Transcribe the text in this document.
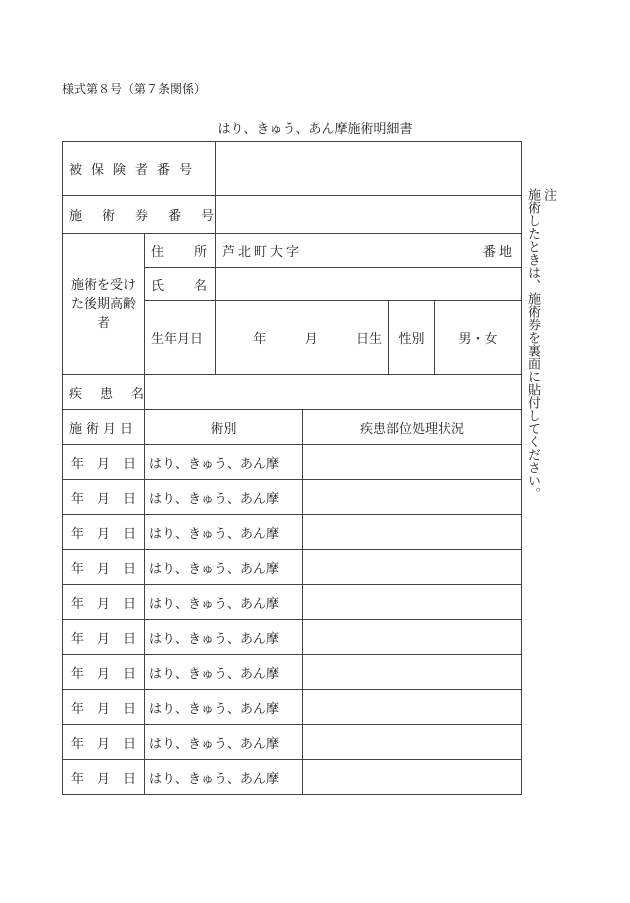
様式第８号（第７条関係）
はり、きゅう、あん摩施術明細書
被保険者番号					
施術券番号					
施術を受けた後期高齢者	住所	芦北町大字 番地			

	氏名				
	生年月日	年 月 日生		性別	男・女
疾患名					
施術月日	術別		疾患部位処理状況		

年 月 日	はり、きゅう、あん摩				

年 月 日	はり、きゅう、あん摩				

年 月 日	はり、きゅう、あん摩				

年 月 日	はり、きゅう、あん摩				

年 月 日	はり、きゅう、あん摩				

年 月 日	はり、きゅう、あん摩				

年 月 日	はり、きゅう、あん摩				

年 月 日	はり、きゅう、あん摩				

年 月 日	はり、きゅう、あん摩				

年 月 日	はり、きゅう、あん摩				
注
施術したときは、施術券を裏面に貼付してください。
